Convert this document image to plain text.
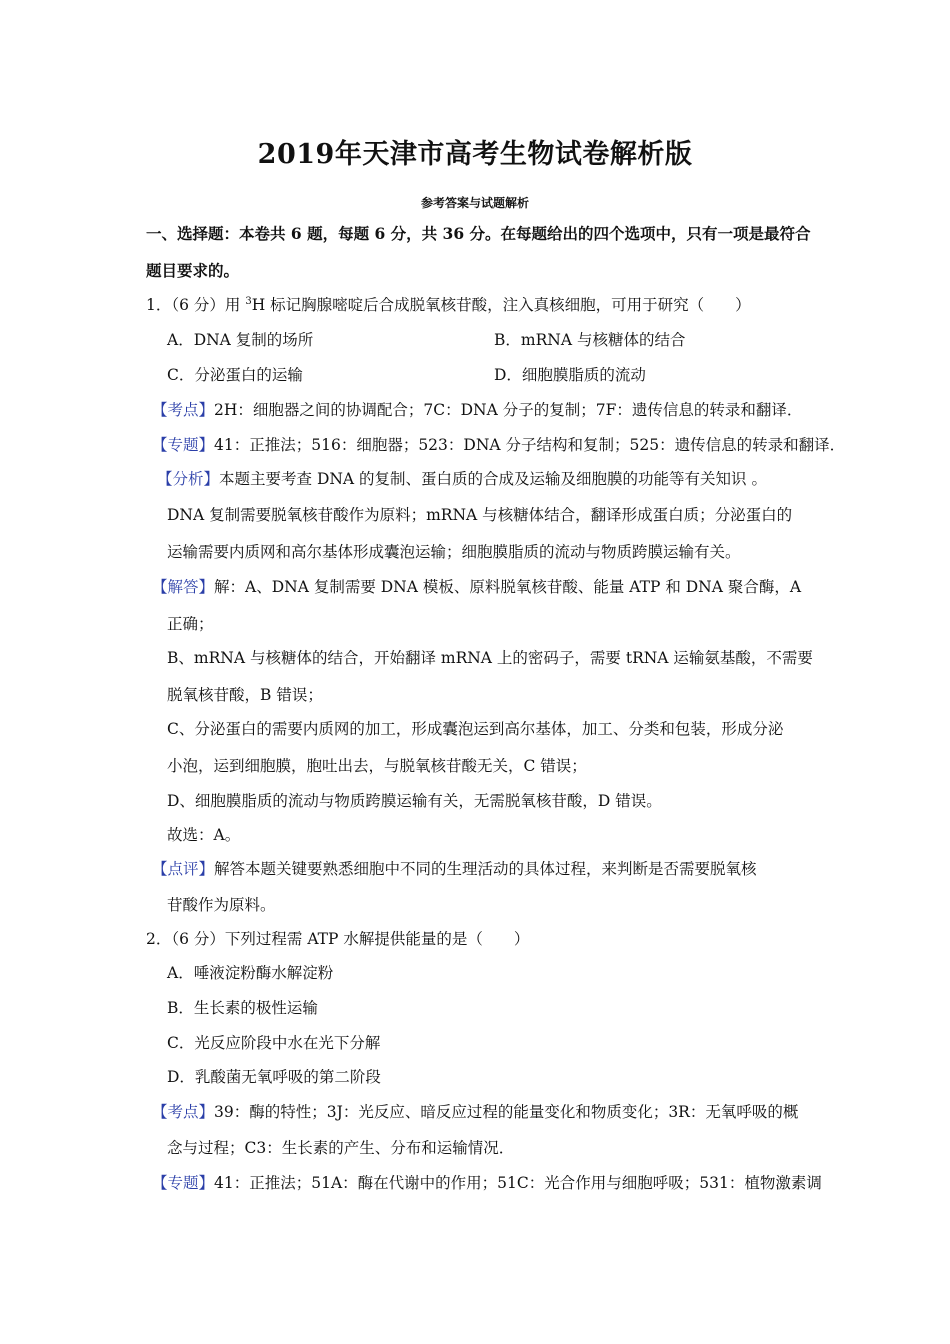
2019年天津市高考生物试卷解析版
参考答案与试题解析
一、选择题：本卷共 6 题，每题 6 分，共 36 分。在每题给出的四个选项中，只有一项是最符合
题目要求的。
1．（6 分）用 $^3$H 标记胸腺嘧啶后合成脱氧核苷酸，注入真核细胞，可用于研究（　　）
A．DNA 复制的场所	B．mRNA 与核糖体的结合
C．分泌蛋白的运输	D．细胞膜脂质的流动
【考点】2H：细胞器之间的协调配合；7C：DNA 分子的复制；7F：遗传信息的转录和翻译．
【专题】41：正推法；516：细胞器；523：DNA 分子结构和复制；525：遗传信息的转录和翻译．
【分析】本题主要考查 DNA 的复制、蛋白质的合成及运输及细胞膜的功能等有关知识 。
DNA 复制需要脱氧核苷酸作为原料；mRNA 与核糖体结合，翻译形成蛋白质；分泌蛋白的
运输需要内质网和高尔基体形成囊泡运输；细胞膜脂质的流动与物质跨膜运输有关。
【解答】解：A、DNA 复制需要 DNA 模板、原料脱氧核苷酸、能量 ATP 和 DNA 聚合酶，A
正确；
B、mRNA 与核糖体的结合，开始翻译 mRNA 上的密码子，需要 tRNA 运输氨基酸，不需要
脱氧核苷酸，B 错误；
C、分泌蛋白的需要内质网的加工，形成囊泡运到高尔基体，加工、分类和包装，形成分泌
小泡，运到细胞膜，胞吐出去，与脱氧核苷酸无关，C 错误；
D、细胞膜脂质的流动与物质跨膜运输有关，无需脱氧核苷酸，D 错误。
故选：A。
【点评】解答本题关键要熟悉细胞中不同的生理活动的具体过程，来判断是否需要脱氧核
苷酸作为原料。
2．（6 分）下列过程需 ATP 水解提供能量的是（　　）
A．唾液淀粉酶水解淀粉
B．生长素的极性运输
C．光反应阶段中水在光下分解
D．乳酸菌无氧呼吸的第二阶段
【考点】39：酶的特性；3J：光反应、暗反应过程的能量变化和物质变化；3R：无氧呼吸的概
念与过程；C3：生长素的产生、分布和运输情况．
【专题】41：正推法；51A：酶在代谢中的作用；51C：光合作用与细胞呼吸；531：植物激素调
